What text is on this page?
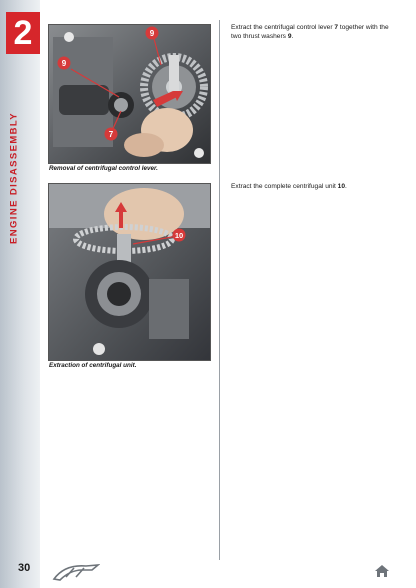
2
ENGINE DISASSEMBLY
9
9
7
Removal of centrifugal control lever.
10
Extraction of centrifugal unit.
Extract the centrifugal control lever 7 together with the two thrust washers 9.
Extract the complete centrifugal unit 10.
30
